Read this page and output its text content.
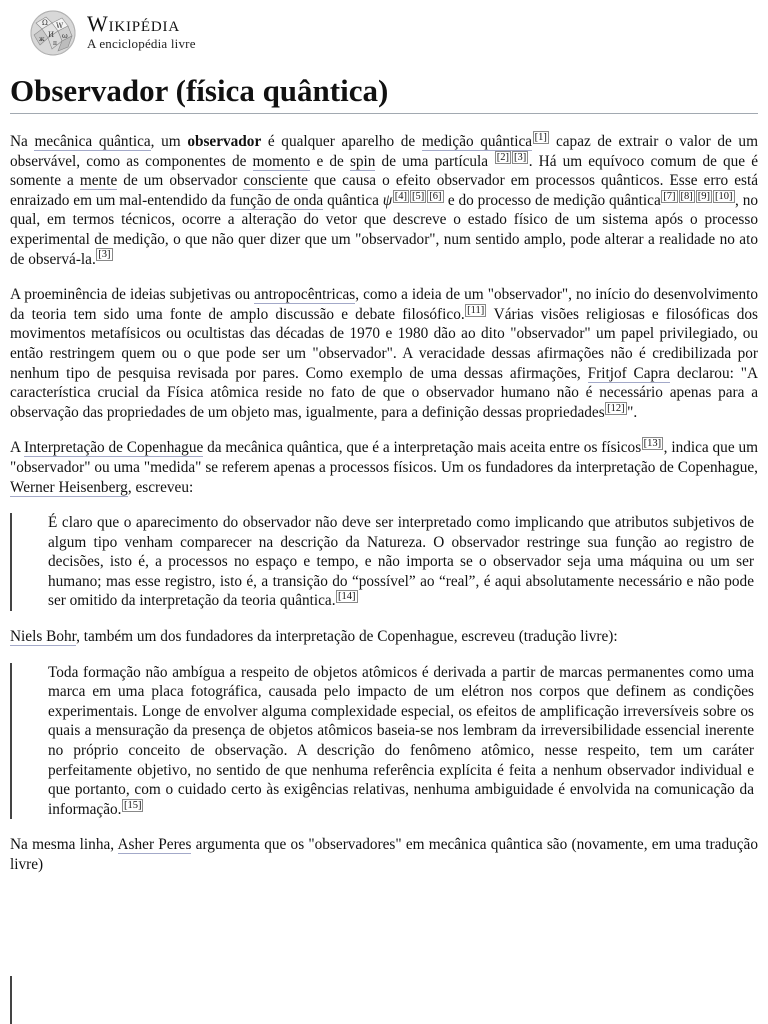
Ω W
И ω
ж
π
Wikipédia
A enciclopédia livre
Observador (física quântica)

Na mecânica quântica, um observador é qualquer aparelho de medição quântica [1] capaz de extrair o valor de um observável, como as componentes de momento e de spin de uma partícula [2] [3] . Há um equívoco comum de que é somente a mente de um observador consciente que causa o efeito observador em processos quânticos. Esse erro está enraizado em um mal-entendido da função de onda quântica ψ [4] [5] [6] e do processo de medição quântica [7] [8] [9] [10] , no qual, em termos técnicos, ocorre a alteração do vetor que descreve o estado físico de um sistema após o processo experimental de medição, o que não quer dizer que um "observador", num sentido amplo, pode alterar a realidade no ato de observá-la. [3]

A proeminência de ideias subjetivas ou antropocêntricas, como a ideia de um "observador", no início do desenvolvimento da teoria tem sido uma fonte de amplo discussão e debate filosófico. [11] Várias visões religiosas e filosóficas dos movimentos metafísicos ou ocultistas das décadas de 1970 e 1980 dão ao dito "observador" um papel privilegiado, ou então restringem quem ou o que pode ser um "observador". A veracidade dessas afirmações não é credibilizada por nenhum tipo de pesquisa revisada por pares. Como exemplo de uma dessas afirmações, Fritjof Capra declarou: "A característica crucial da Física atômica reside no fato de que o observador humano não é necessário apenas para a observação das propriedades de um objeto mas, igualmente, para a definição dessas propriedades [12] ".

A Interpretação de Copenhague da mecânica quântica, que é a interpretação mais aceita entre os físicos [13] , indica que um "observador" ou uma "medida" se referem apenas a processos físicos. Um os fundadores da interpretação de Copenhague, Werner Heisenberg, escreveu:

É claro que o aparecimento do observador não deve ser interpretado como implicando que atributos subjetivos de algum tipo venham comparecer na descrição da Natureza. O observador restringe sua função ao registro de decisões, isto é, a processos no espaço e tempo, e não importa se o observador seja uma máquina ou um ser humano; mas esse registro, isto é, a transição do “possível” ao “real”, é aqui absolutamente necessário e não pode ser omitido da interpretação da teoria quântica. [14]

Niels Bohr, também um dos fundadores da interpretação de Copenhague, escreveu (tradução livre):

Toda formação não ambígua a respeito de objetos atômicos é derivada a partir de marcas permanentes como uma marca em uma placa fotográfica, causada pelo impacto de um elétron nos corpos que definem as condições experimentais. Longe de envolver alguma complexidade especial, os efeitos de amplificação irreversíveis sobre os quais a mensuração da presença de objetos atômicos baseia-se nos lembram da irreversibilidade essencial inerente no próprio conceito de observação. A descrição do fenômeno atômico, nesse respeito, tem um caráter perfeitamente objetivo, no sentido de que nenhuma referência explícita é feita a nenhum observador individual e que portanto, com o cuidado certo às exigências relativas, nenhuma ambiguidade é envolvida na comunicação da informação. [15]

Na mesma linha, Asher Peres argumenta que os "observadores" em mecânica quântica são (novamente, em uma tradução livre)
